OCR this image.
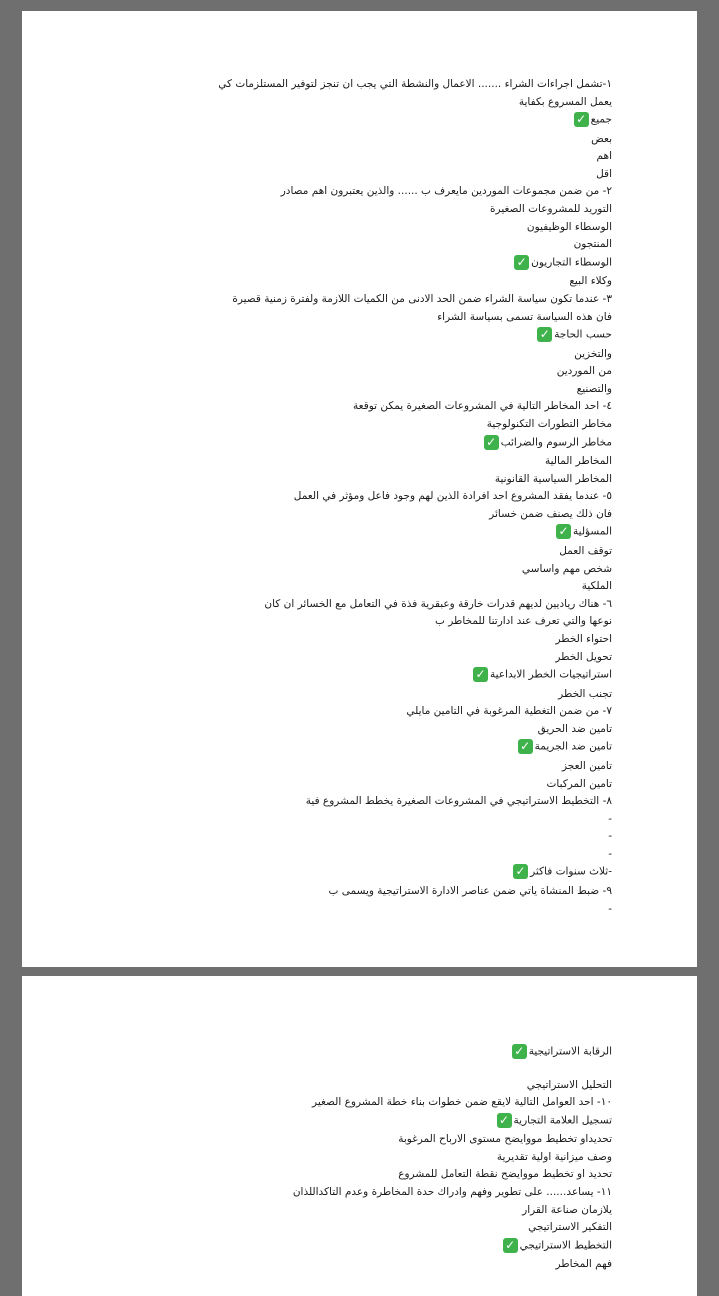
١-تشمل اجراءات الشراء ....... الاعمال والنشطة التي يجب ان تنجز لتوفير المستلزمات كي
يعمل المسروع بكفاية
جميع✓
بعض
اهم
اقل
٢- من ضمن مجموعات الموردين مايعرف ب ...... والذين يعتبرون اهم مصادر
التوريد للمشروعات الصغيرة
الوسطاء الوظيفيون
المنتجون
الوسطاء التجاريون✓
وكلاء البيع
٣- عندما تكون سياسة الشراء ضمن الحد الادنى من الكميات اللازمة ولفترة زمنية قصيرة
فان هذه السياسة تسمى بسياسة الشراء
حسب الحاجة✓
والتخزين
من الموردين
والتصنيع
٤- احد المخاطر التالية في المشروعات الصغيرة يمكن توقعة
مخاطر التطورات التكنولوجية
مخاطر الرسوم والضرائب✓
المخاطر المالية
المخاطر السياسية القانونية
٥- عندما يفقد المشروع احد افرادة الذين لهم وجود فاعل ومؤثر في العمل
فان ذلك يصنف ضمن خسائر
المسؤلية✓
توقف العمل
شخص مهم واساسي
الملكية
٦- هناك رياديين لديهم قدرات خارقة وعبقرية فذة في التعامل مع الخسائر ان كان
نوعها والتي تعرف عند ادارتنا للمخاطر ب
احتواء الخطر
تحويل الخطر
استراتيجيات الخطر الابداعية✓
تجنب الخطر
٧- من ضمن التغطية المرغوبة في التامين مايلي
تامين ضد الحريق
تامين ضد الجريمة✓
تامين العجز
تامين المركبات
٨- التخطيط الاستراتيجي في المشروعات الصغيرة يخطط المشروع فية
-
-
-
-ثلاث سنوات فاكثر✓
٩- ضبط المنشاة ياتي ضمن عناصر الادارة الاستراتيجية ويسمى ب
-
الرقابة الاستراتيجية✓
التحليل الاستراتيجي
١٠- احد العوامل التالية لايقع ضمن خطوات بناء خطة المشروع الصغير
تسجيل العلامة التجارية✓
تحديداو تخطيط مووايضح مستوى الارباح المرغوبة
وصف ميزانية اولية تقديرية
تحديد او تخطيط مووايضح نقطة التعامل للمشروع
١١- يساعد...... على تطوير وفهم وادراك حدة المخاطرة وعدم التاكداللذان
يلازمان صناعة القرار
التفكير الاستراتيجي
التخطيط الاستراتيجي✓
فهم المخاطر
